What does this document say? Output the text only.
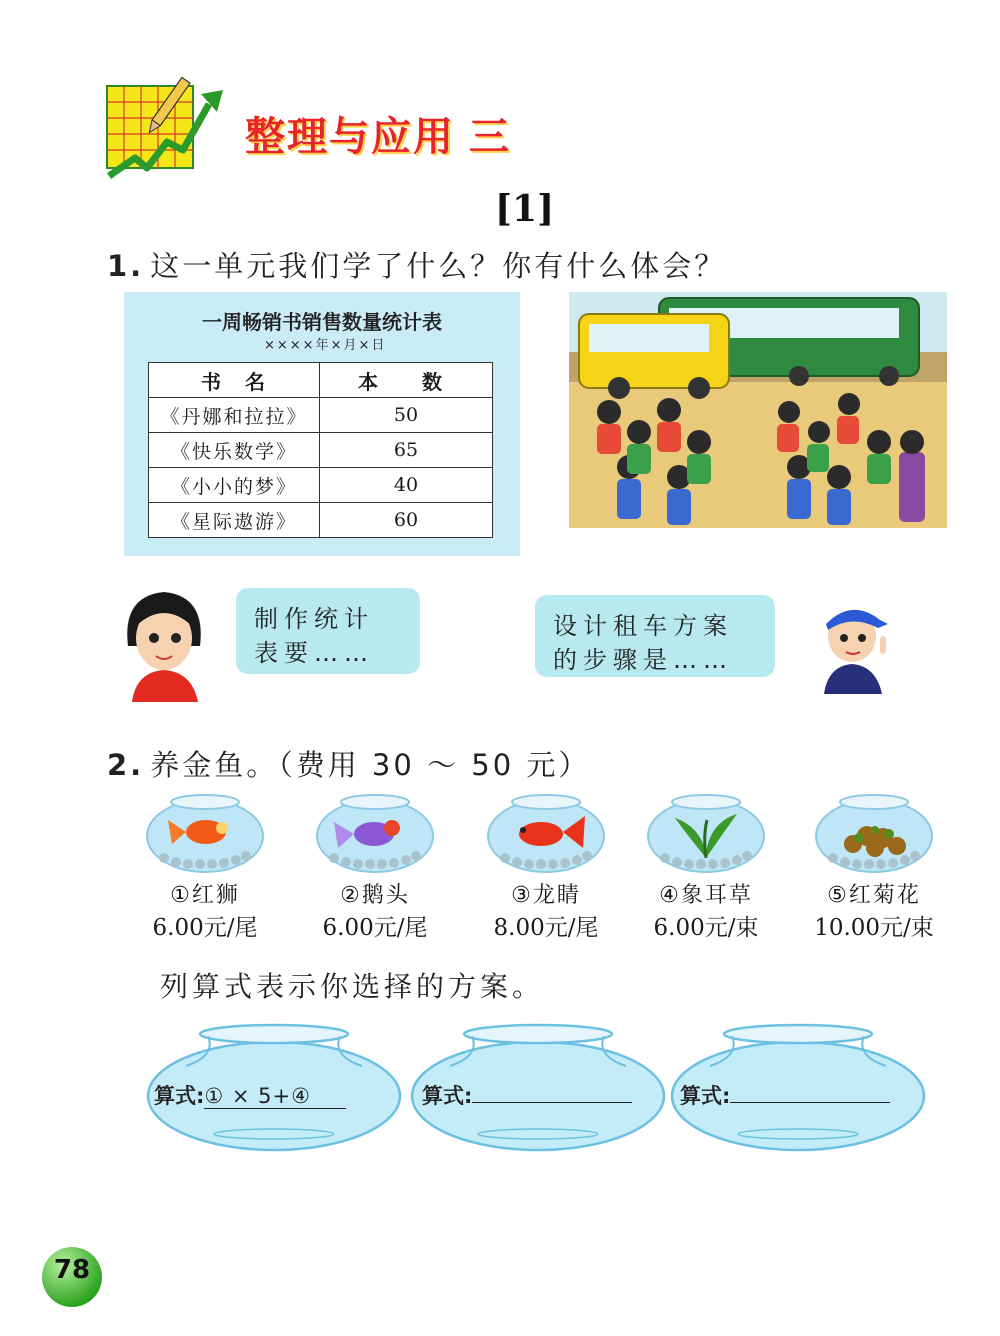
整理与应用 三
[1]
1. 这一单元我们学了什么？你有什么体会？
一周畅销书销售数量统计表
××××年×月×日
书　名	本　数
《丹娜和拉拉》	50
《快乐数学》	65
《小小的梦》	40
《星际遨游》	60
制作统计
表要……
设计租车方案
的步骤是……
2. 养金鱼。（费用 30 ～ 50 元）
①红狮
6.00元/尾
②鹅头
6.00元/尾
③龙睛
8.00元/尾
④象耳草
6.00元/束
⑤红菊花
10.00元/束
列算式表示你选择的方案。
算式:① × 5+④	算式:	算式:
78
